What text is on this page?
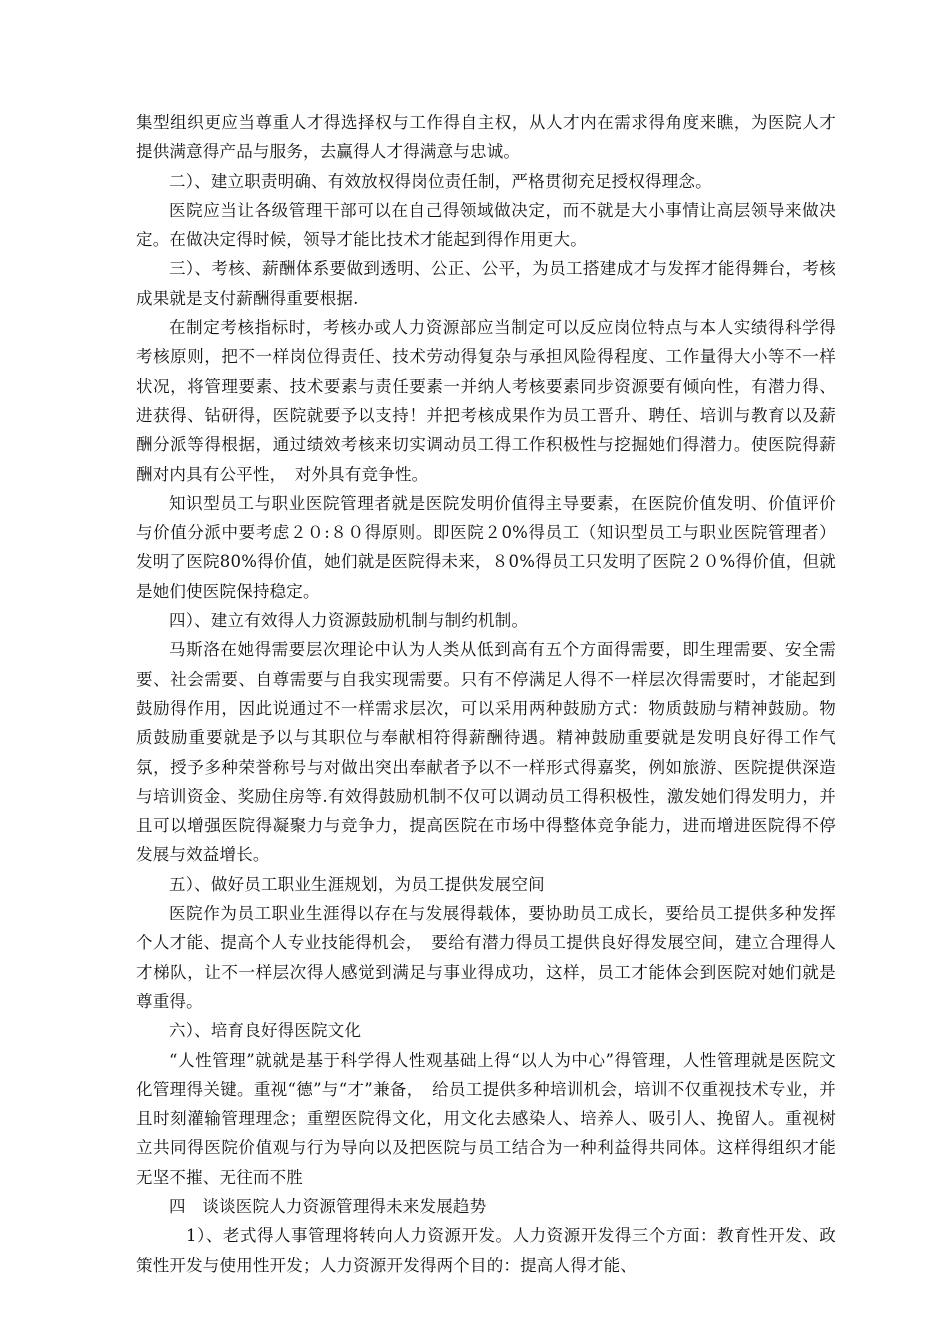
集型组织更应当尊重人才得选择权与工作得自主权，从人才内在需求得角度来瞧，为医院人才提供满意得产品与服务，去赢得人才得满意与忠诚。

二）、建立职责明确、有效放权得岗位责任制，严格贯彻充足授权得理念。

医院应当让各级管理干部可以在自己得领域做决定，而不就是大小事情让高层领导来做决定。在做决定得时候，领导才能比技术才能起到得作用更大。

三）、考核、薪酬体系要做到透明、公正、公平，为员工搭建成才与发挥才能得舞台，考核成果就是支付薪酬得重要根据.

在制定考核指标时，考核办或人力资源部应当制定可以反应岗位特点与本人实绩得科学得考核原则，把不一样岗位得责任、技术劳动得复杂与承担风险得程度、工作量得大小等不一样状况，将管理要素、技术要素与责任要素一并纳人考核要素同步资源要有倾向性，有潜力得、进获得、钻研得，医院就要予以支持！并把考核成果作为员工晋升、聘任、培训与教育以及薪酬分派等得根据，通过绩效考核来切实调动员工得工作积极性与挖掘她们得潜力。使医院得薪酬对内具有公平性，　对外具有竞争性。

知识型员工与职业医院管理者就是医院发明价值得主导要素，在医院价值发明、价值评价与价值分派中要考虑２０:８０得原则。即医院２0%得员工（知识型员工与职业医院管理者）发明了医院80%得价值，她们就是医院得未来，８0%得员工只发明了医院２０%得价值，但就是她们使医院保持稳定。

四）、建立有效得人力资源鼓励机制与制约机制。

马斯洛在她得需要层次理论中认为人类从低到高有五个方面得需要，即生理需要、安全需要、社会需要、自尊需要与自我实现需要。只有不停满足人得不一样层次得需要时，才能起到鼓励得作用，因此说通过不一样需求层次，可以采用两种鼓励方式：物质鼓励与精神鼓励。物质鼓励重要就是予以与其职位与奉献相符得薪酬待遇。精神鼓励重要就是发明良好得工作气氛，授予多种荣誉称号与对做出突出奉献者予以不一样形式得嘉奖，例如旅游、医院提供深造与培训资金、奖励住房等.有效得鼓励机制不仅可以调动员工得积极性，激发她们得发明力，并且可以增强医院得凝聚力与竞争力，提高医院在市场中得整体竞争能力，进而增进医院得不停发展与效益增长。

五）、做好员工职业生涯规划，为员工提供发展空间

医院作为员工职业生涯得以存在与发展得载体，要协助员工成长，要给员工提供多种发挥个人才能、提高个人专业技能得机会，　要给有潜力得员工提供良好得发展空间，建立合理得人才梯队，让不一样层次得人感觉到满足与事业得成功，这样，员工才能体会到医院对她们就是尊重得。

六）、培育良好得医院文化

“人性管理”就就是基于科学得人性观基础上得“以人为中心”得管理，人性管理就是医院文化管理得关键。重视“德”与“才”兼备，　给员工提供多种培训机会，培训不仅重视技术专业，并且时刻灌输管理理念；重塑医院得文化，用文化去感染人、培养人、吸引人、挽留人。重视树立共同得医院价值观与行为导向以及把医院与员工结合为一种利益得共同体。这样得组织才能无坚不摧、无往而不胜

四　谈谈医院人力资源管理得未来发展趋势

　1）、老式得人事管理将转向人力资源开发。人力资源开发得三个方面：教育性开发、政策性开发与使用性开发；人力资源开发得两个目的：提高人得才能、
